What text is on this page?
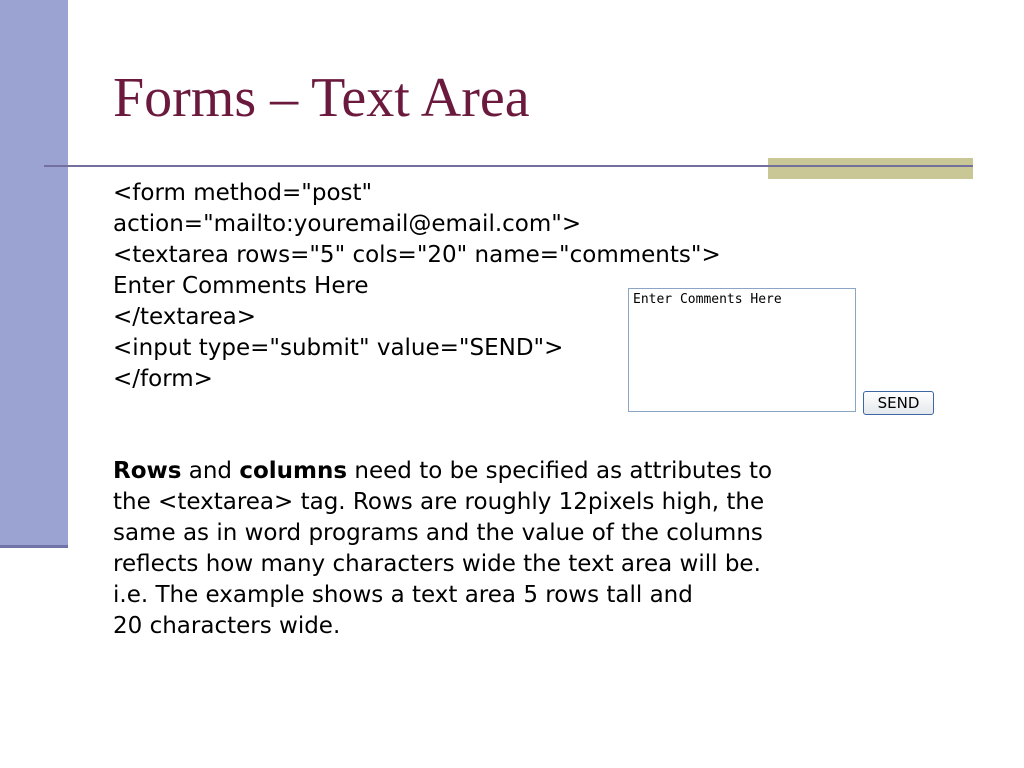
Forms – Text Area
<form method="post"
action="mailto:youremail@email.com">
<textarea rows="5" cols="20" name="comments">
Enter Comments Here
</textarea>
<input type="submit" value="SEND">
</form>
Enter Comments Here
SEND

Rows and columns need to be specified as attributes to
the <textarea> tag. Rows are roughly 12pixels high, the
same as in word programs and the value of the columns
reflects how many characters wide the text area will be.
i.e. The example shows a text area 5 rows tall and
20 characters wide.
